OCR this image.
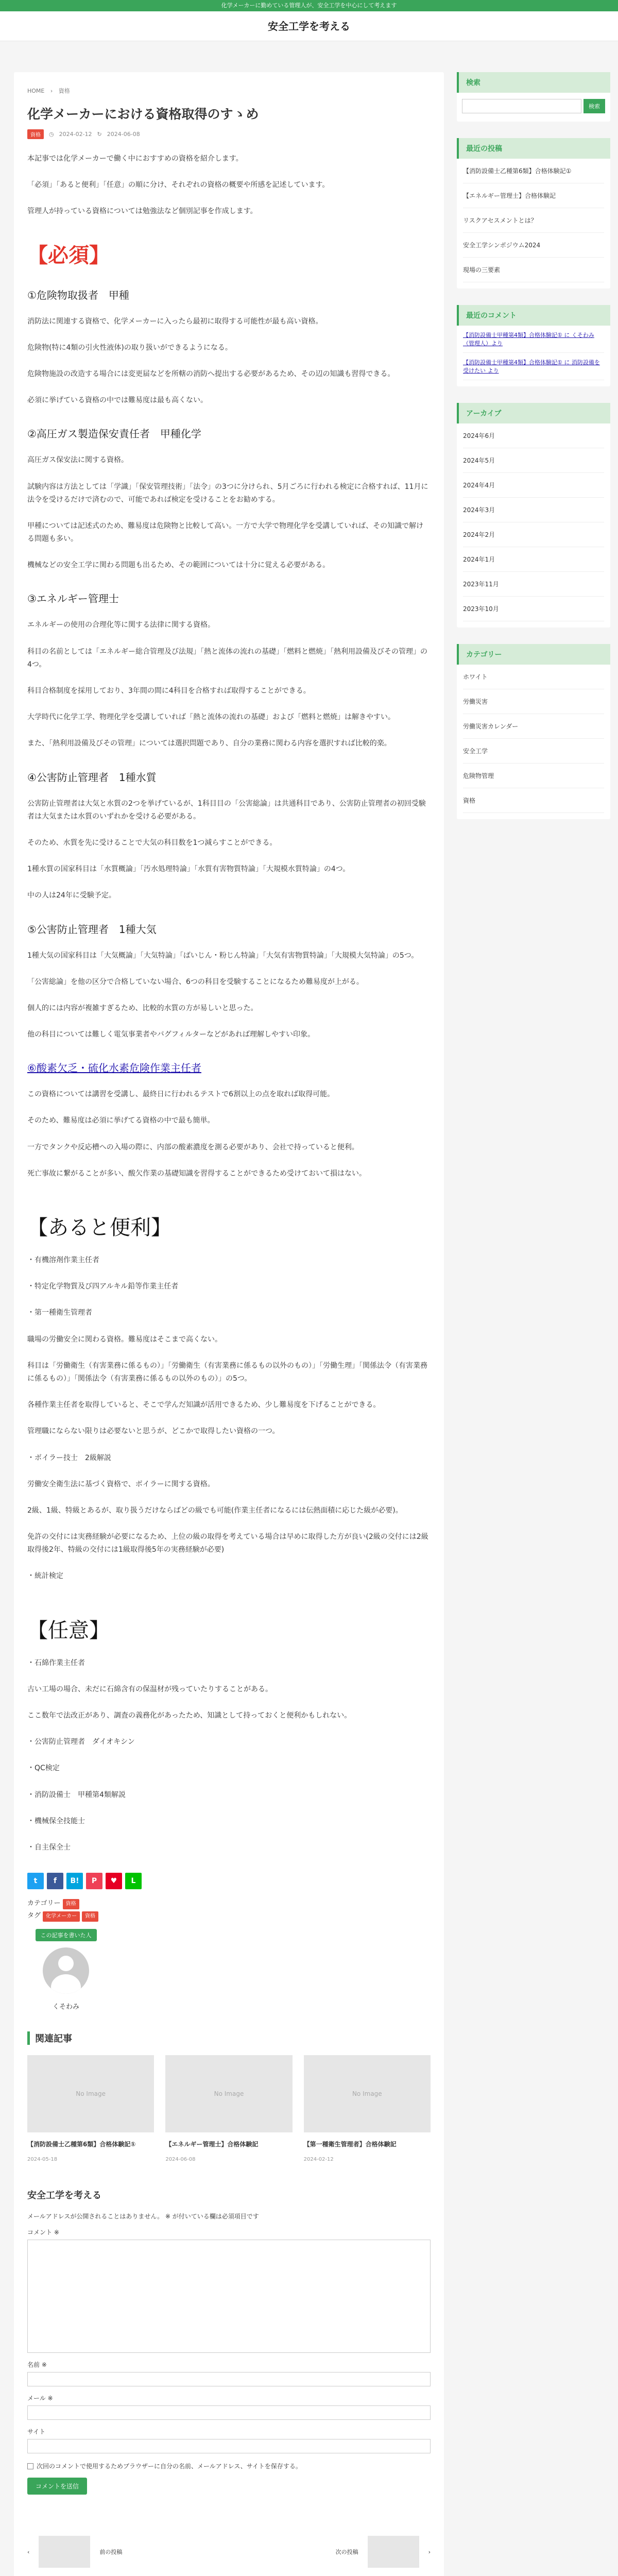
化学メーカーに勤めている管理人が、安全工学を中心にして考えます
安全工学を考える
HOME › 資格
化学メーカーにおける資格取得のすゝめ
資格	◷ 2024-02-12 ↻ 2024-06-08

本記事では化学メーカーで働く中におすすめの資格を紹介します。

「必須」「あると便利」「任意」の順に分け、それぞれの資格の概要や所感を記述しています。

管理人が持っている資格については勉強法など個別記事を作成します。

【必須】
①危険物取扱者　甲種

消防法に関連する資格で、化学メーカーに入ったら最初に取得する可能性が最も高い資格。

危険物(特に4類の引火性液体)の取り扱いができるようになる。

危険物施設の改造する場合には変更届などを所轄の消防へ提出する必要があるため、その辺の知識も習得できる。

必須に挙げている資格の中では難易度は最も高くない。

②高圧ガス製造保安責任者　甲種化学

高圧ガス保安法に関する資格。

試験内容は方法としては「学識」「保安管理技術」「法令」の3つに分けられ、5月ごろに行われる検定に合格すれば、11月に法令を受けるだけで済むので、可能であれば検定を受けることをお勧めする。

甲種については記述式のため、難易度は危険物と比較して高い。一方で大学で物理化学を受講していれば、その知識で解ける問題も多い。

機械などの安全工学に関わる問題も出るため、その範囲については十分に覚える必要がある。

③エネルギー管理士

エネルギーの使用の合理化等に関する法律に関する資格。

科目の名前としては「エネルギー総合管理及び法規」「熱と流体の流れの基礎」「燃料と燃焼」「熱利用設備及びその管理」の4つ。

科目合格制度を採用しており、3年間の間に4科目を合格すれば取得することができる。

大学時代に化学工学、物理化学を受講していれば「熱と流体の流れの基礎」および「燃料と燃焼」は解きやすい。

また、「熱利用設備及びその管理」については選択問題であり、自分の業務に関わる内容を選択すれば比較的楽。

④公害防止管理者　1種水質

公害防止管理者は大気と水質の2つを挙げているが、1科目目の「公害総論」は共通科目であり、公害防止管理者の初回受験者は大気または水質のいずれかを受ける必要がある。

そのため、水質を先に受けることで大気の科目数を1つ減らすことができる。

1種水質の国家科目は「水質概論」「汚水処理特論」「水質有害物質特論」「大規模水質特論」の4つ。

中の人は24年に受験予定。

⑤公害防止管理者　1種大気

1種大気の国家科目は「大気概論」「大気特論」「ばいじん・粉じん特論」「大気有害物質特論」「大規模大気特論」の5つ。

「公害総論」を他の区分で合格していない場合、6つの科目を受験することになるため難易度が上がる。

個人的には内容が複雑すぎるため、比較的水質の方が易しいと思った。

他の科目については難しく電気事業者やバグフィルターなどがあれば理解しやすい印象。

⑥酸素欠乏・硫化水素危険作業主任者

この資格については講習を受講し、最終日に行われるテストで6割以上の点を取れば取得可能。

そのため、難易度は必須に挙げてる資格の中で最も簡単。

一方でタンクや反応槽への入場の際に、内部の酸素濃度を測る必要があり、会社で持っていると便利。

死亡事故に繋がることが多い、酸欠作業の基礎知識を習得することができるため受けておいて損はない。

【あると便利】

・有機溶剤作業主任者

・特定化学物質及び四アルキル鉛等作業主任者

・第一種衛生管理者

職場の労働安全に関わる資格。難易度はそこまで高くない。

科目は「労働衛生（有害業務に係るもの）」「労働衛生（有害業務に係るもの以外のもの）」「労働生理」「関係法令（有害業務に係るもの）」「関係法令（有害業務に係るもの以外のもの）」の5つ。

各種作業主任者を取得していると、そこで学んだ知識が活用できるため、少し難易度を下げることができる。

管理職にならない限りは必要ないと思うが、どこかで取得したい資格の一つ。

・ボイラー技士　2級解説

労働安全衛生法に基づく資格で、ボイラーに関する資格。

2級、1級、特級とあるが、取り扱うだけならばどの級でも可能(作業主任者になるには伝熱面積に応じた級が必要)。

免許の交付には実務経験が必要になるため、上位の級の取得を考えている場合は早めに取得した方が良い(2級の交付には2級取得後2年、特級の交付には1級取得後5年の実務経験が必要)

・統計検定

【任意】

・石綿作業主任者

古い工場の場合、未だに石綿含有の保温材が残っていたりすることがある。

ここ数年で法改正があり、調査の義務化があったため、知識として持っておくと便利かもしれない。

・公害防止管理者　ダイオキシン

・QC検定

・消防設備士　甲種第4類解説

・機械保全技能士

・自主保全士

t	f	B!	P	♥	L
カテゴリー 資格
タグ 化学メーカー 資格
この記事を書いた人
くそわみ
関連記事
No Image
【消防設備士乙種第6類】合格体験記①
2024-05-18
No Image
【エネルギー管理士】合格体験記
2024-06-08
No Image
【第一種衛生管理者】合格体験記
2024-02-12
安全工学を考える
メールアドレスが公開されることはありません。 ※ が付いている欄は必須項目です
コメント ※
名前 ※
メール ※
サイト
次回のコメントで使用するためブラウザーに自分の名前、メールアドレス、サイトを保存する。
コメントを送信
‹	前の投稿	次の投稿	›
検索
検索
最近の投稿
【消防設備士乙種第6類】合格体験記①
【エネルギー管理士】合格体験記
リスクアセスメントとは？
安全工学シンポジウム2024
現場の三要素
最近のコメント
【消防設備士甲種第4類】合格体験記① に くそわみ（管理人）より
【消防設備士甲種第4類】合格体験記① に 消防設備を受けたい より
アーカイブ
2024年6月
2024年5月
2024年4月
2024年3月
2024年2月
2024年1月
2023年11月
2023年10月
カテゴリー
ホワイト
労働災害
労働災害カレンダー
安全工学
危険物管理
資格
